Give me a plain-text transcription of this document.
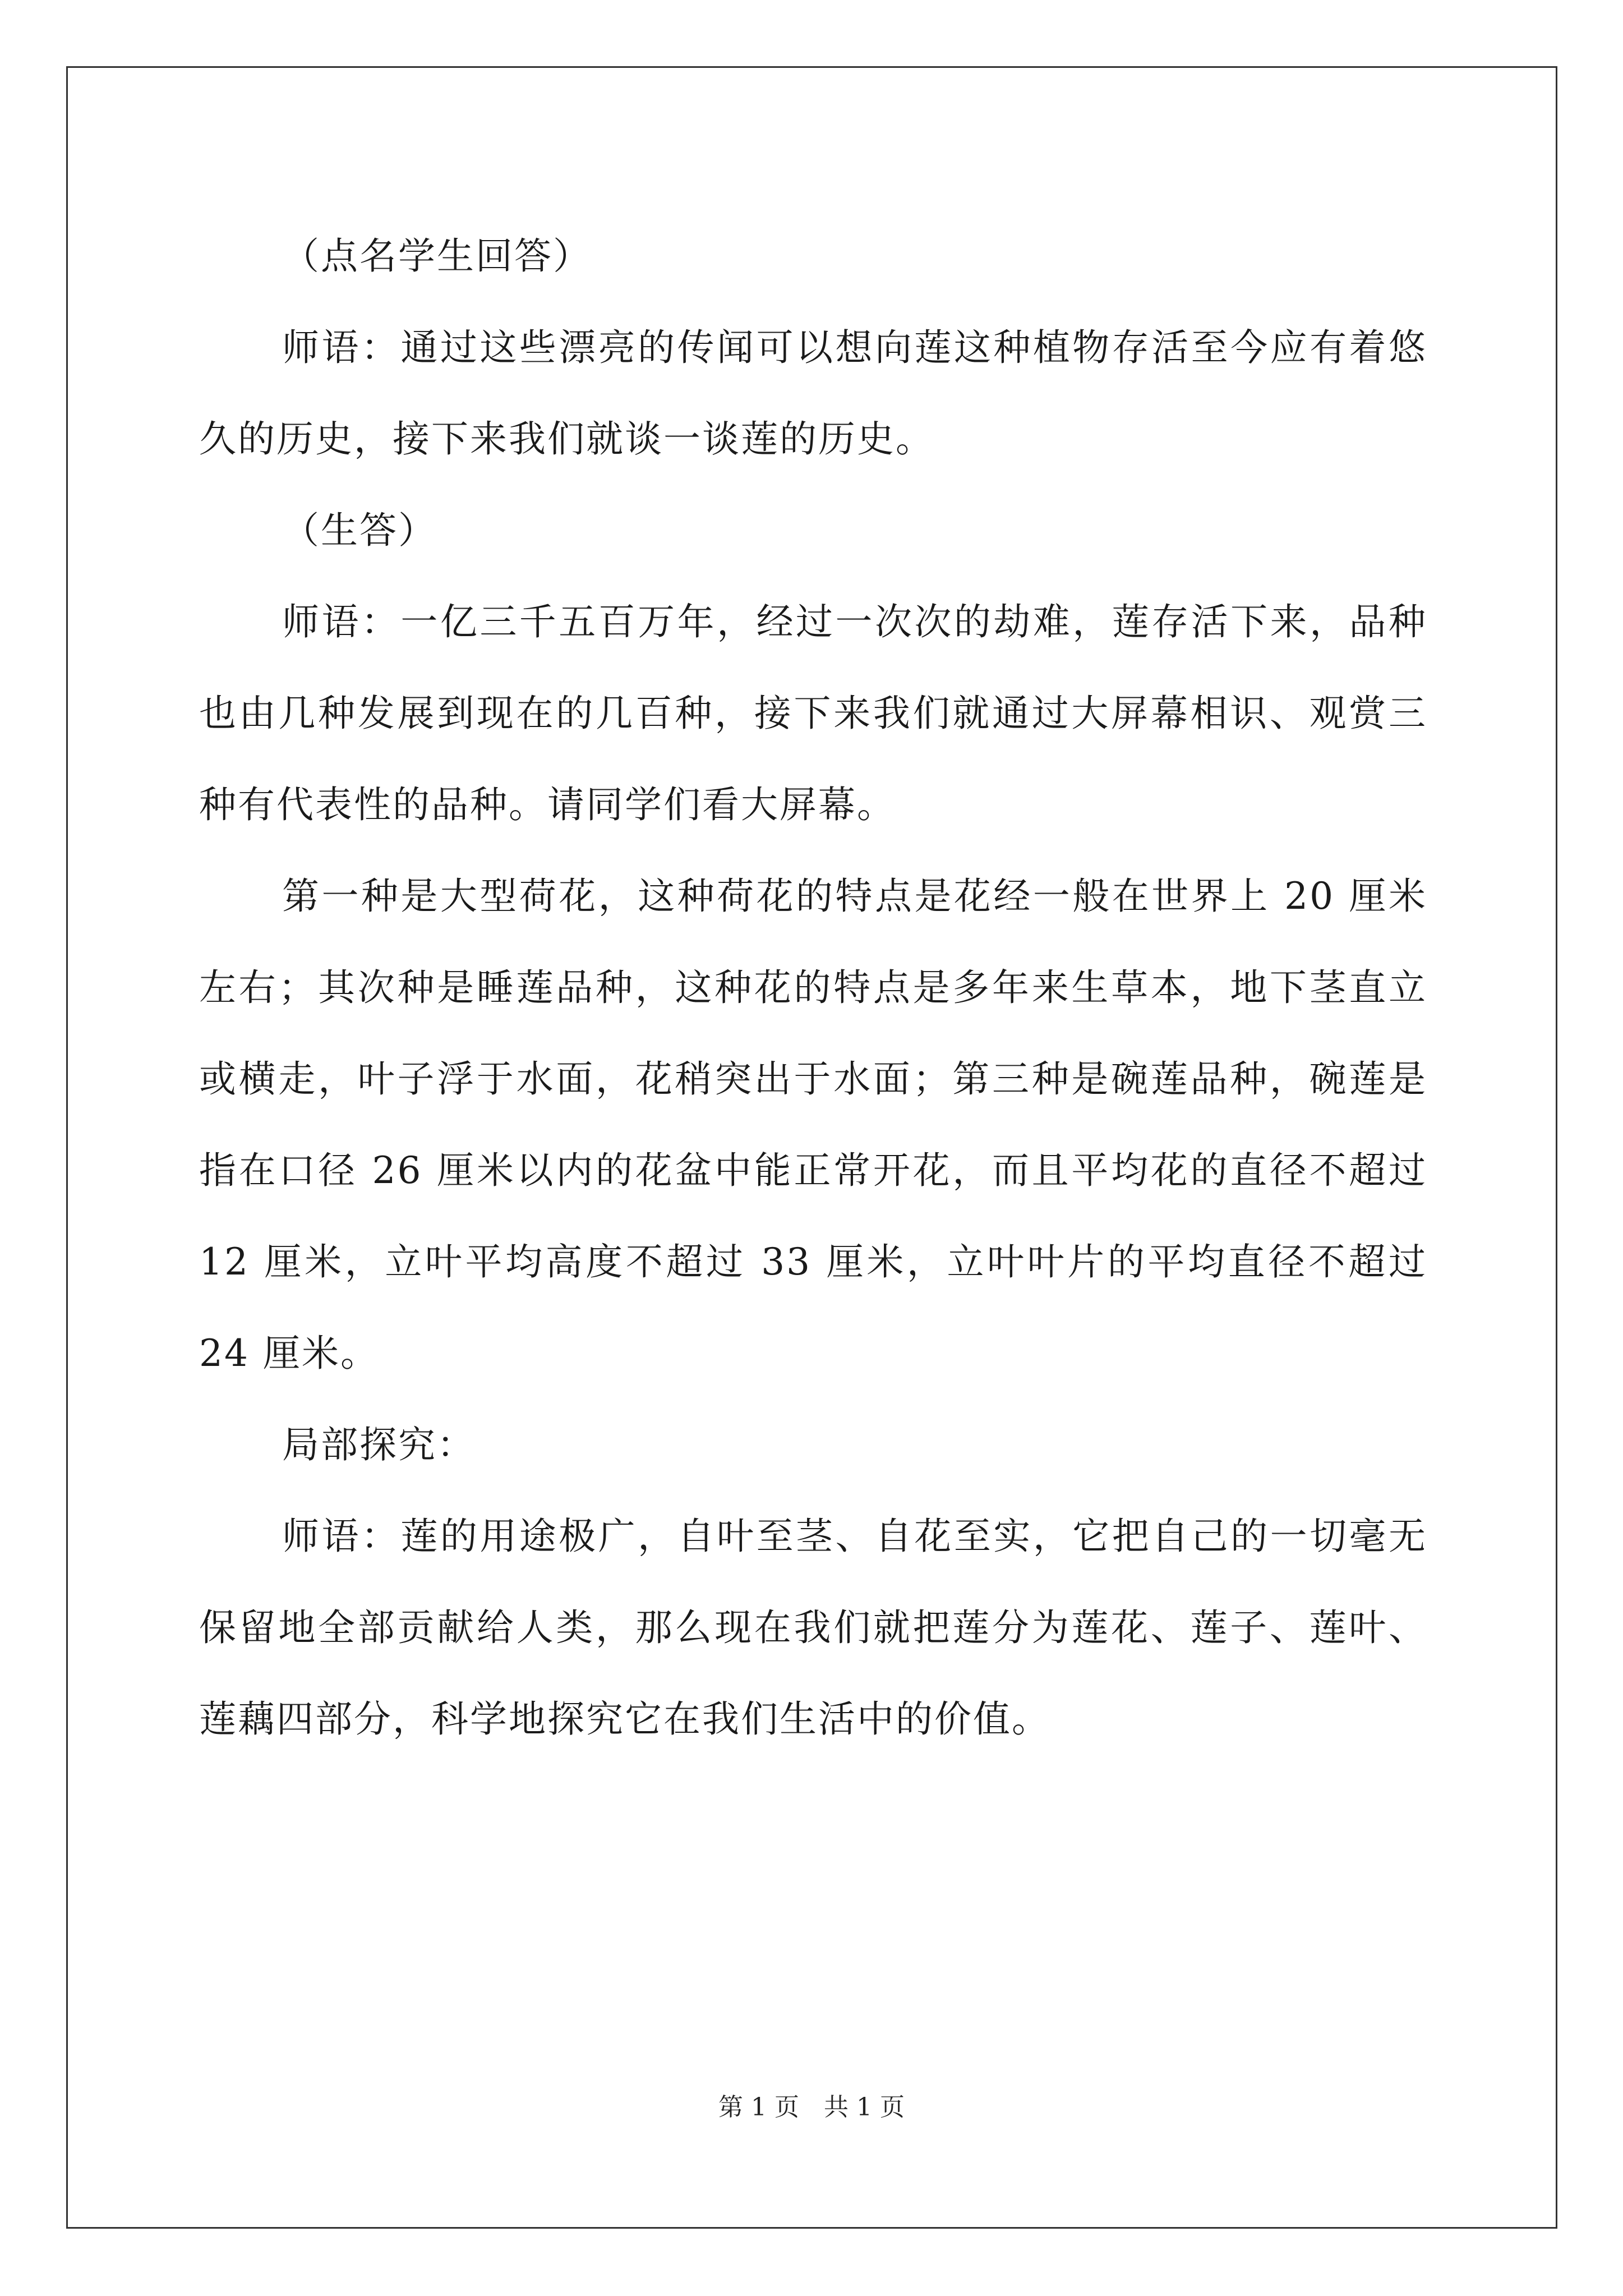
（点名学生回答）

师语：通过这些漂亮的传闻可以想向莲这种植物存活至今应有着悠久的历史，接下来我们就谈一谈莲的历史。

（生答）

师语：一亿三千五百万年，经过一次次的劫难，莲存活下来，品种也由几种发展到现在的几百种，接下来我们就通过大屏幕相识、观赏三种有代表性的品种。请同学们看大屏幕。

第一种是大型荷花，这种荷花的特点是花经一般在世界上 20 厘米左右；其次种是睡莲品种，这种花的特点是多年来生草本，地下茎直立或横走，叶子浮于水面，花稍突出于水面；第三种是碗莲品种，碗莲是指在口径 26 厘米以内的花盆中能正常开花，而且平均花的直径不超过 12 厘米，立叶平均高度不超过 33 厘米，立叶叶片的平均直径不超过 24 厘米。

局部探究：

师语：莲的用途极广，自叶至茎、自花至实，它把自己的一切毫无保留地全部贡献给人类，那么现在我们就把莲分为莲花、莲子、莲叶、莲藕四部分，科学地探究它在我们生活中的价值。

第 1 页　共 1 页
